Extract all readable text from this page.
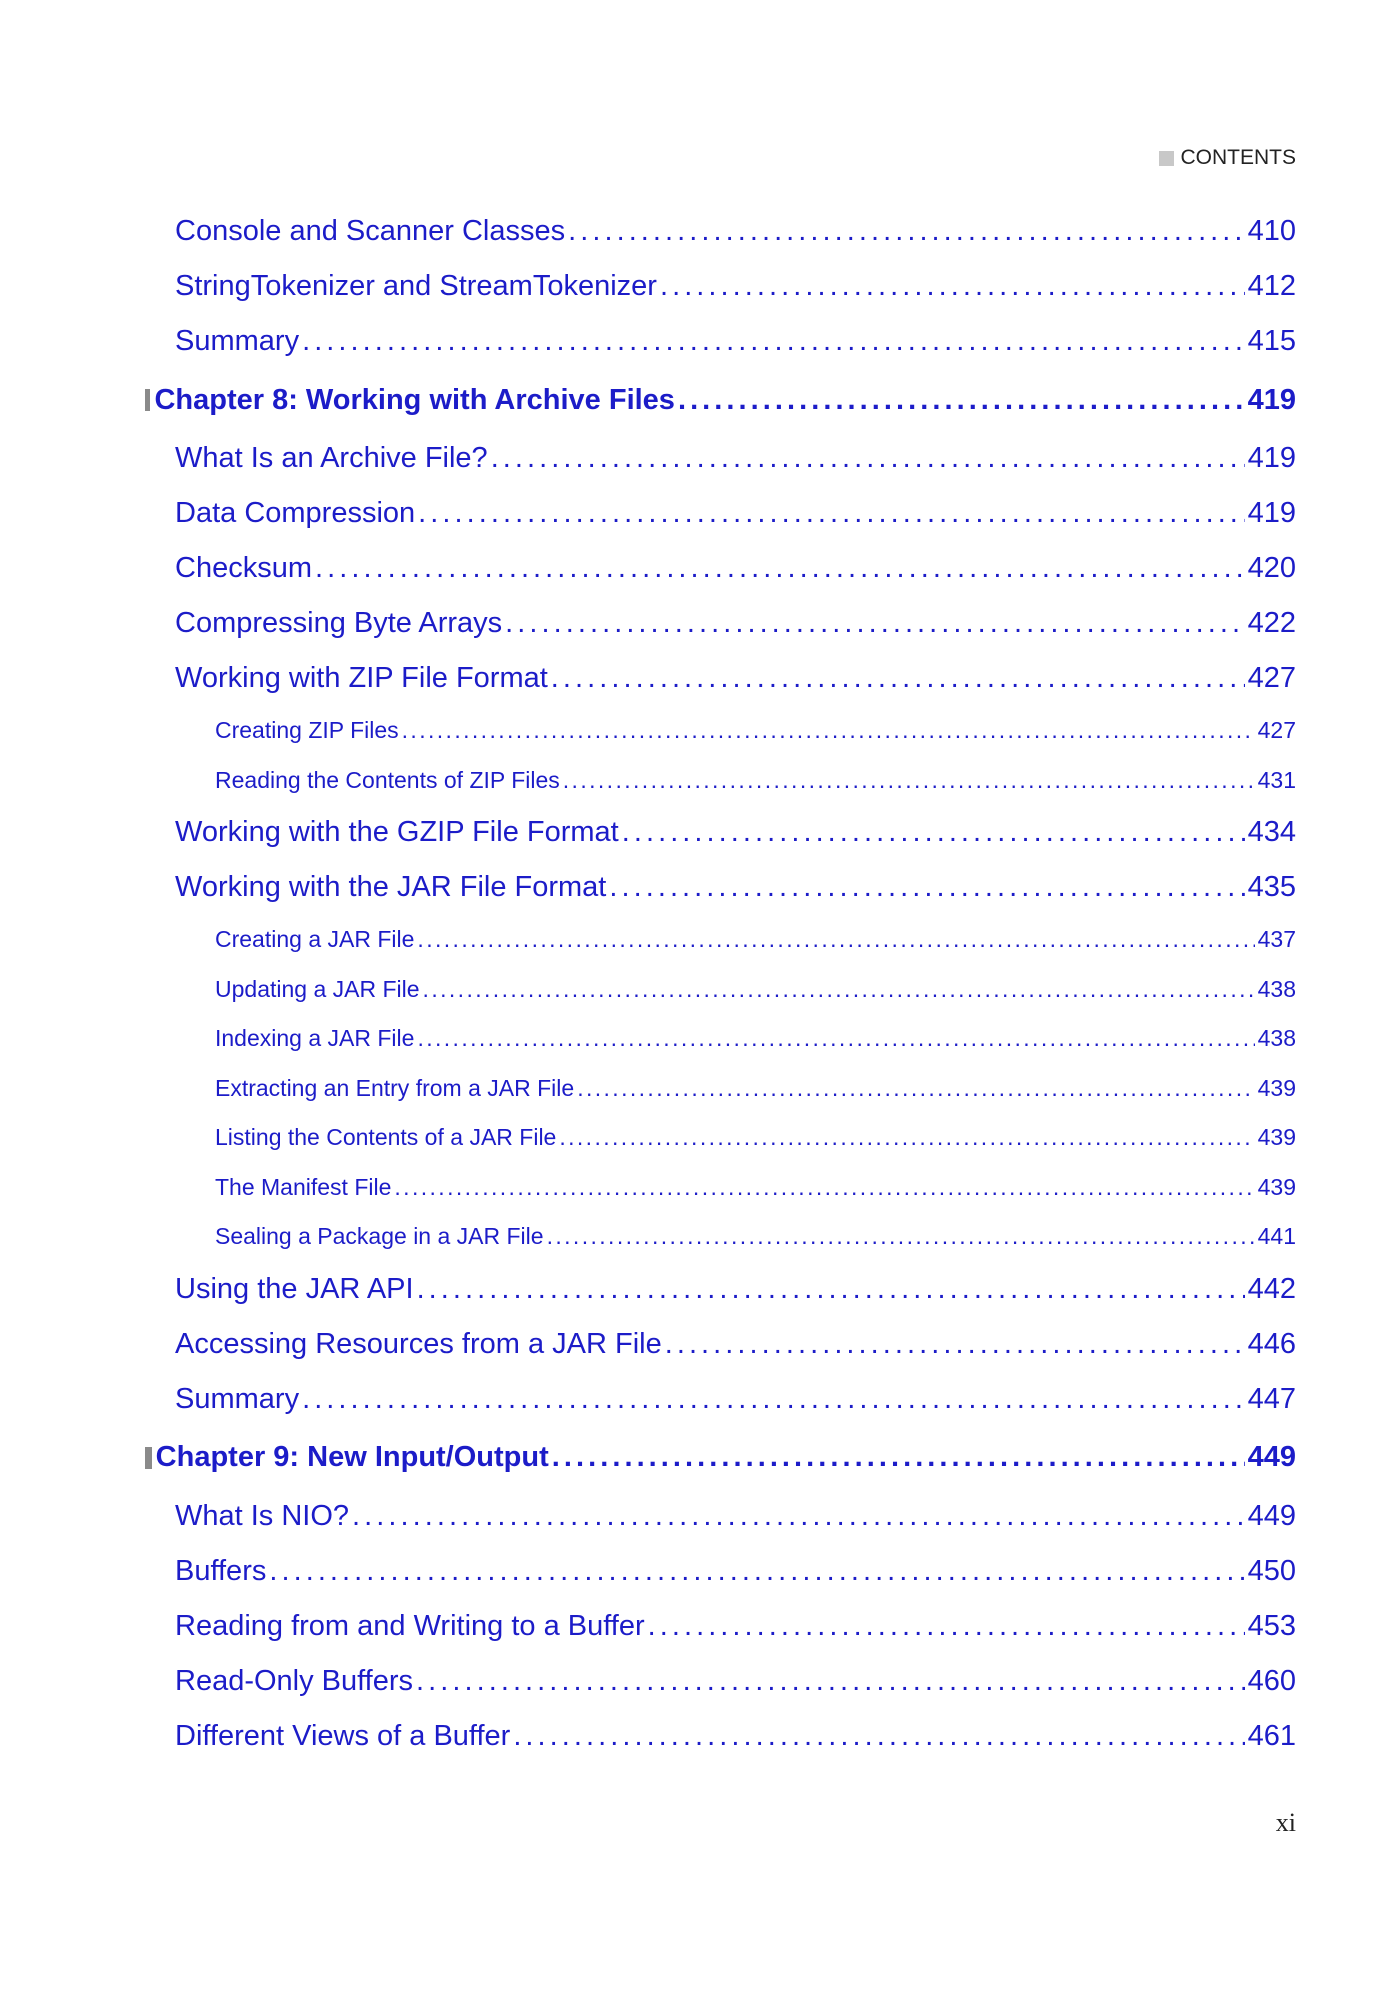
CONTENTS
Console and Scanner Classes . . .	410
StringTokenizer and StreamTokenizer . . .	412
Summary . . .	415
Chapter 8: Working with Archive Files . . .	419
What Is an Archive File? . . .	419
Data Compression . . .	419
Checksum . . .	420
Compressing Byte Arrays . . .	422
Working with ZIP File Format . . .	427
Creating ZIP Files . . .	427
Reading the Contents of ZIP Files . . .	431
Working with the GZIP File Format . . .	434
Working with the JAR File Format . . .	435
Creating a JAR File . . .	437
Updating a JAR File . . .	438
Indexing a JAR File . . .	438
Extracting an Entry from a JAR File . . .	439
Listing the Contents of a JAR File . . .	439
The Manifest File . . .	439
Sealing a Package in a JAR File . . .	441
Using the JAR API . . .	442
Accessing Resources from a JAR File . . .	446
Summary . . .	447
Chapter 9: New Input/Output . . .	449
What Is NIO? . . .	449
Buffers . . .	450
Reading from and Writing to a Buffer . . .	453
Read-Only Buffers . . .	460
Different Views of a Buffer . . .	461
xi
